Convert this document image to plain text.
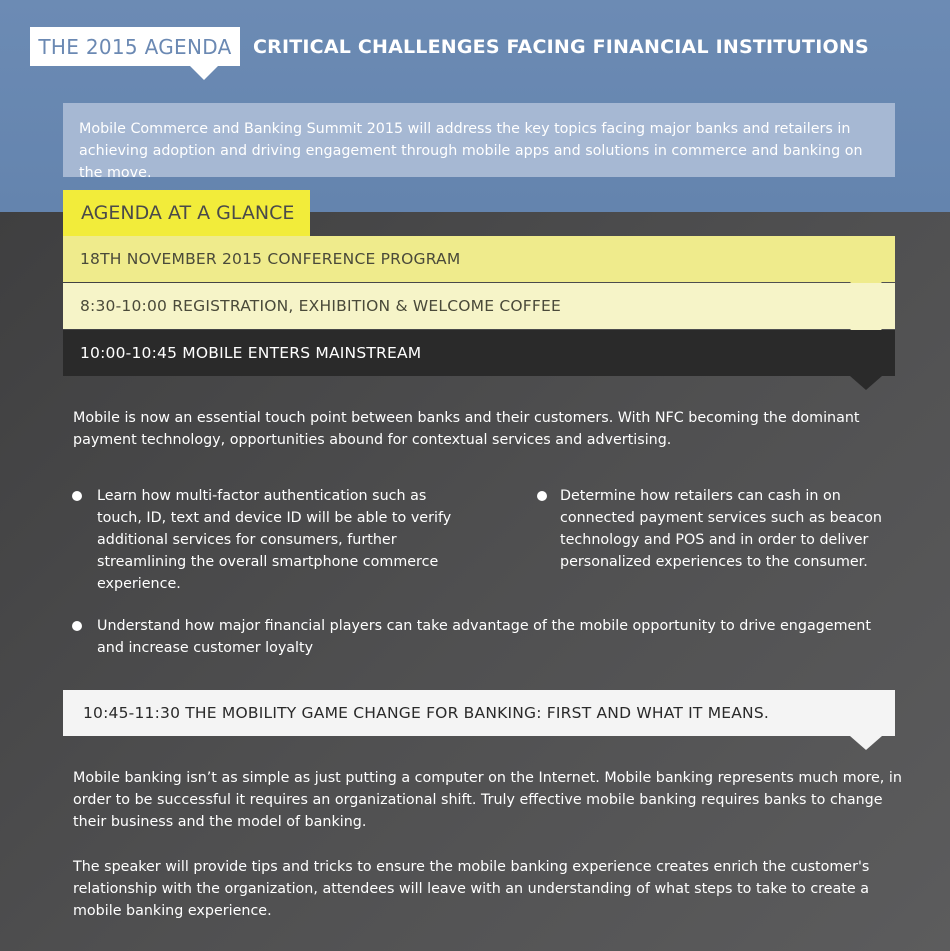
THE 2015 AGENDA	CRITICAL CHALLENGES FACING FINANCIAL INSTITUTIONS
Mobile Commerce and Banking Summit 2015 will address the key topics facing major banks and retailers in achieving adoption and driving engagement through mobile apps and solutions in commerce and banking on the move.
AGENDA AT A GLANCE
18TH NOVEMBER 2015 CONFERENCE PROGRAM
8:30-10:00 REGISTRATION, EXHIBITION & WELCOME COFFEE
10:00-10:45 MOBILE ENTERS MAINSTREAM
Mobile is now an essential touch point between banks and their customers. With NFC becoming the dominant payment technology, opportunities abound for contextual services and advertising.
Learn how multi-factor authentication such as touch, ID, text and device ID will be able to verify additional services for consumers, further streamlining the overall smartphone commerce experience.
Determine how retailers can cash in on connected payment services such as beacon technology and POS and in order to deliver personalized experiences to the consumer.
Understand how major financial players can take advantage of the mobile opportunity to drive engagement and increase customer loyalty
10:45-11:30 THE MOBILITY GAME CHANGE FOR BANKING: FIRST AND WHAT IT MEANS.
Mobile banking isn’t as simple as just putting a computer on the Internet. Mobile banking represents much more, in order to be successful it requires an organizational shift. Truly effective mobile banking requires banks to change their business and the model of banking.
The speaker will provide tips and tricks to ensure the mobile banking experience creates enrich the customer's relationship with the organization, attendees will leave with an understanding of what steps to take to create a mobile banking experience.
